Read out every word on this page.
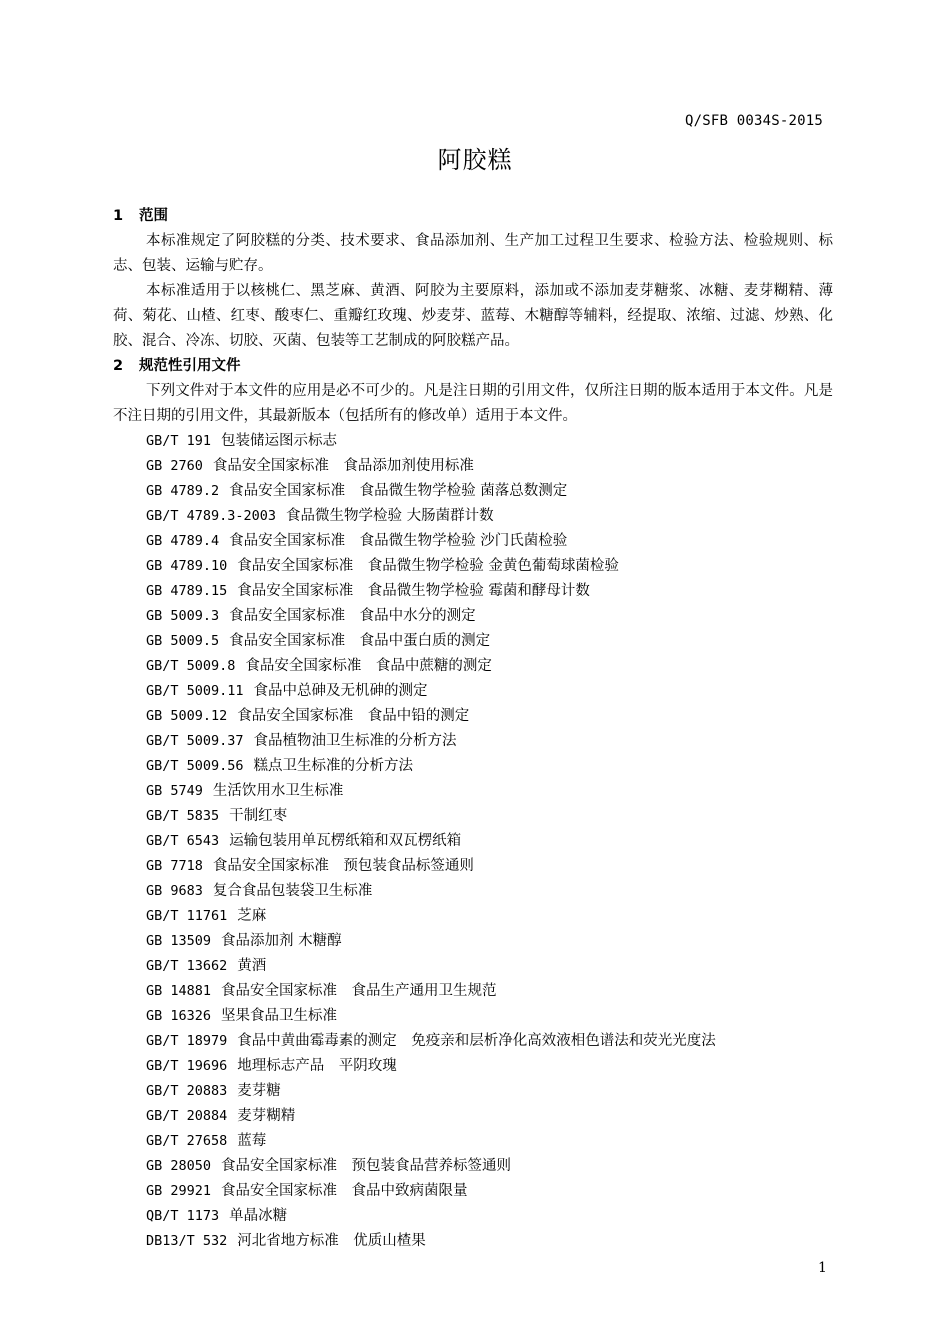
Q/SFB 0034S-2015
阿胶糕
1 范围

本标准规定了阿胶糕的分类、技术要求、食品添加剂、生产加工过程卫生要求、检验方法、检验规则、标志、包装、运输与贮存。

本标准适用于以核桃仁、黑芝麻、黄酒、阿胶为主要原料，添加或不添加麦芽糖浆、冰糖、麦芽糊精、薄荷、菊花、山楂、红枣、酸枣仁、重瓣红玫瑰、炒麦芽、蓝莓、木糖醇等辅料，经提取、浓缩、过滤、炒熟、化胶、混合、冷冻、切胶、灭菌、包装等工艺制成的阿胶糕产品。

2 规范性引用文件

下列文件对于本文件的应用是必不可少的。凡是注日期的引用文件，仅所注日期的版本适用于本文件。凡是不注日期的引用文件，其最新版本（包括所有的修改单）适用于本文件。

GB/T 191 包装储运图示标志
GB 2760 食品安全国家标准　食品添加剂使用标准
GB 4789.2 食品安全国家标准　食品微生物学检验 菌落总数测定
GB/T 4789.3-2003 食品微生物学检验 大肠菌群计数
GB 4789.4 食品安全国家标准　食品微生物学检验 沙门氏菌检验
GB 4789.10 食品安全国家标准　食品微生物学检验 金黄色葡萄球菌检验
GB 4789.15 食品安全国家标准　食品微生物学检验 霉菌和酵母计数
GB 5009.3 食品安全国家标准　食品中水分的测定
GB 5009.5 食品安全国家标准　食品中蛋白质的测定
GB/T 5009.8 食品安全国家标准　食品中蔗糖的测定
GB/T 5009.11 食品中总砷及无机砷的测定
GB 5009.12 食品安全国家标准　食品中铅的测定
GB/T 5009.37 食品植物油卫生标准的分析方法
GB/T 5009.56 糕点卫生标准的分析方法
GB 5749 生活饮用水卫生标准
GB/T 5835 干制红枣
GB/T 6543 运输包装用单瓦楞纸箱和双瓦楞纸箱
GB 7718 食品安全国家标准　预包装食品标签通则
GB 9683 复合食品包装袋卫生标准
GB/T 11761 芝麻
GB 13509 食品添加剂 木糖醇
GB/T 13662 黄酒
GB 14881 食品安全国家标准　食品生产通用卫生规范
GB 16326 坚果食品卫生标准
GB/T 18979 食品中黄曲霉毒素的测定　免疫亲和层析净化高效液相色谱法和荧光光度法
GB/T 19696 地理标志产品　平阴玫瑰
GB/T 20883 麦芽糖
GB/T 20884 麦芽糊精
GB/T 27658 蓝莓
GB 28050 食品安全国家标准　预包装食品营养标签通则
GB 29921 食品安全国家标准　食品中致病菌限量
QB/T 1173 单晶冰糖
DB13/T 532 河北省地方标准　优质山楂果
1
